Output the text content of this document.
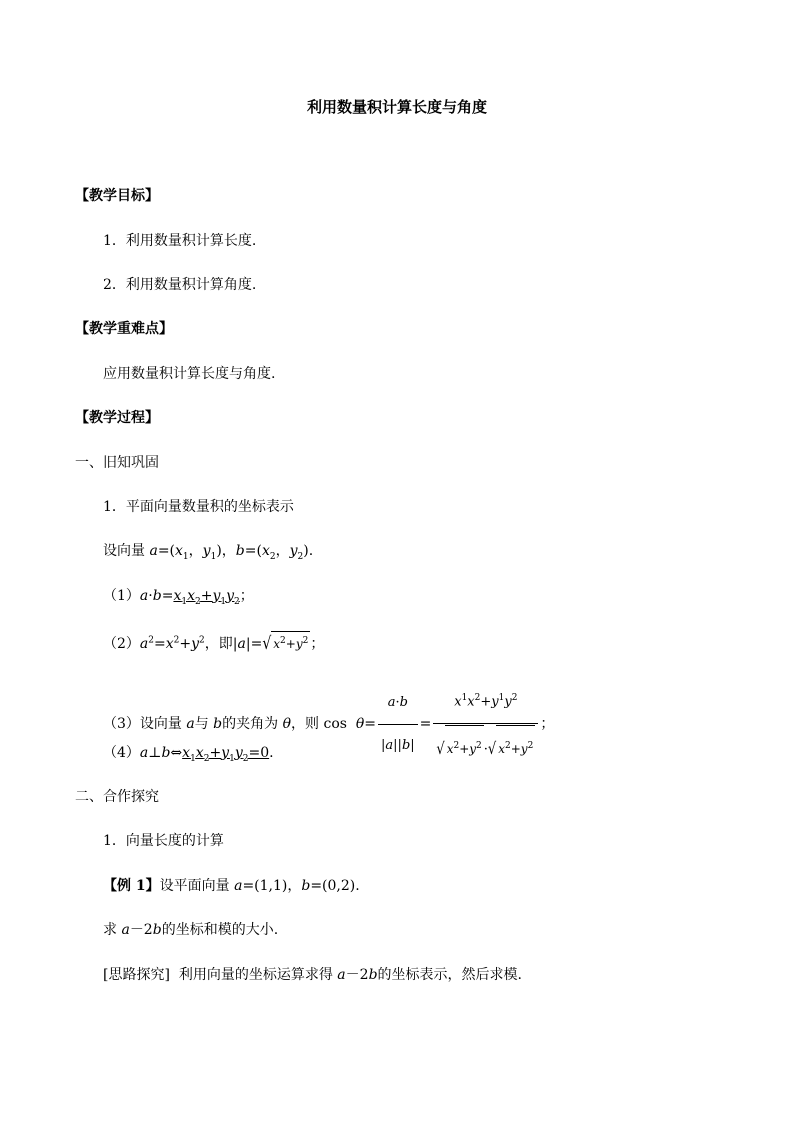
利用数量积计算长度与角度
【教学目标】
1．利用数量积计算长度.
2．利用数量积计算角度.
【教学重难点】
应用数量积计算长度与角度.
【教学过程】
一、旧知巩固
1．平面向量数量积的坐标表示
设向量 $a=(x_1$，$y_1$)，$b=(x_2$，$y_2$).
$(1)a\cdot b=x_1x_2+y_1y_2$；
$(2)a^2=x^2+y^2$，即|a|=√ $x^2+y^2$ ；
（3）设向量 a与 b的夹角为 θ，则 $\cos \theta= \frac{a\cdot b}{|a||b|} = \frac{x^1x^2+y^1y^2}{√ x^2+y^2 \cdot√ x^2+y^2}$ ；
$(4)a\perp b\Leftrightarrow x_1x_2+y_1y_2=0$.
二、合作探究
1．向量长度的计算
【例 1】设平面向量 a=(1,1)，b=(0,2).
求 a－2b的坐标和模的大小.
[思路探究]  利用向量的坐标运算求得 a－2b的坐标表示，然后求模.
